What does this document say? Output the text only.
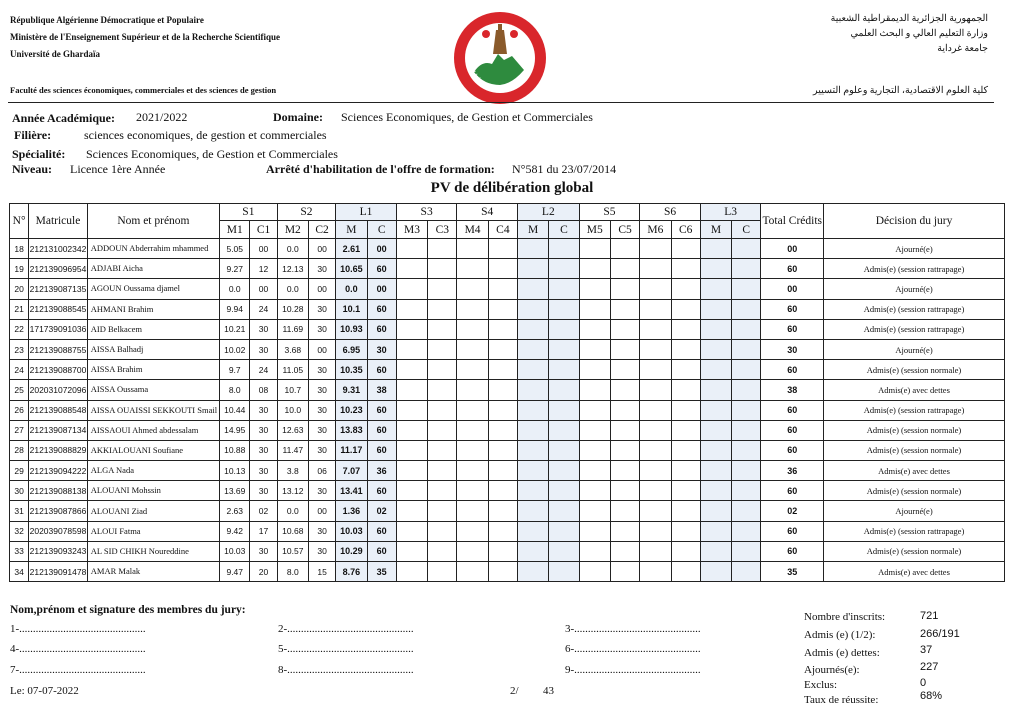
République Algérienne Démocratique et Populaire
Ministère de l'Enseignement Supérieur et de la Recherche Scientifique
Université de Ghardaïa
الجمهورية الجزائرية الديمقراطية الشعبية
وزارة التعليم العالي و البحث العلمي
جامعة غرداية
Université de Ghardaia
Faculté des sciences économiques, commerciales et des sciences de gestion	كلية العلوم الاقتصادية، التجارية وعلوم التسيير
Année Académique: 2021/2022	Domaine: Sciences Economiques, de Gestion et Commerciales
Filière:	sciences economiques, de gestion et commerciales
Spécialité: Sciences Economiques, de Gestion et Commerciales
Niveau: Licence 1ère Année	Arrêté d'habilitation de l'offre de formation: N°581 du 23/07/2014
PV de délibération global
N°	Matricule	Nom et prénom	S1		S2		L1		S3		S4		L2		S5		S6		L3		Total Crédits	Décision du jury
			M1	C1	M2	C2	M	C	M3	C3	M4	C4	M	C	M5	C5	M6	C6	M	C		
18	212131002342	ADDOUN Abderrahim mhammed	5.05	00	0.0	00	2.61	00													00	Ajourné(e)
19	212139096954	ADJABI Aicha	9.27	12	12.13	30	10.65	60													60	Admis(e) (session rattrapage)
20	212139087135	AGOUN Oussama djamel	0.0	00	0.0	00	0.0	00													00	Ajourné(e)
21	212139088545	AHMANI Brahim	9.94	24	10.28	30	10.1	60													60	Admis(e) (session rattrapage)
22	171739091036	AID Belkacem	10.21	30	11.69	30	10.93	60													60	Admis(e) (session rattrapage)
23	212139088755	AISSA Balhadj	10.02	30	3.68	00	6.95	30													30	Ajourné(e)
24	212139088700	AISSA Brahim	9.7	24	11.05	30	10.35	60													60	Admis(e) (session normale)
25	202031072096	AISSA Oussama	8.0	08	10.7	30	9.31	38													38	Admis(e) avec dettes
26	212139088548	AISSA OUAISSI SEKKOUTI Smail	10.44	30	10.0	30	10.23	60													60	Admis(e) (session rattrapage)
27	212139087134	AISSAOUI Ahmed abdessalam	14.95	30	12.63	30	13.83	60													60	Admis(e) (session normale)
28	212139088829	AKKIALOUANI Soufiane	10.88	30	11.47	30	11.17	60													60	Admis(e) (session normale)
29	212139094222	ALGA Nada	10.13	30	3.8	06	7.07	36													36	Admis(e) avec dettes
30	212139088138	ALOUANI Mohssin	13.69	30	13.12	30	13.41	60													60	Admis(e) (session normale)
31	212139087866	ALOUANI Ziad	2.63	02	0.0	00	1.36	02													02	Ajourné(e)
32	202039078598	ALOUI Fatma	9.42	17	10.68	30	10.03	60													60	Admis(e) (session rattrapage)
33	212139093243	AL SID CHIKH Noureddine	10.03	30	10.57	30	10.29	60													60	Admis(e) (session normale)
34	212139091478	AMAR Malak	9.47	20	8.0	15	8.76	35													35	Admis(e) avec dettes
Nom,prénom et signature des membres du jury:
1-..............................................	2-..............................................	3-..............................................
4-..............................................	5-..............................................	6-..............................................
7-..............................................	8-..............................................	9-..............................................
Le: 07-07-2022	2/ 43
Nombre d'inscrits:	721
Admis (e) (1/2):	266/191
Admis (e) dettes:	37
Ajournés(e):	227
Exclus:	0
Taux de réussite:	68%
